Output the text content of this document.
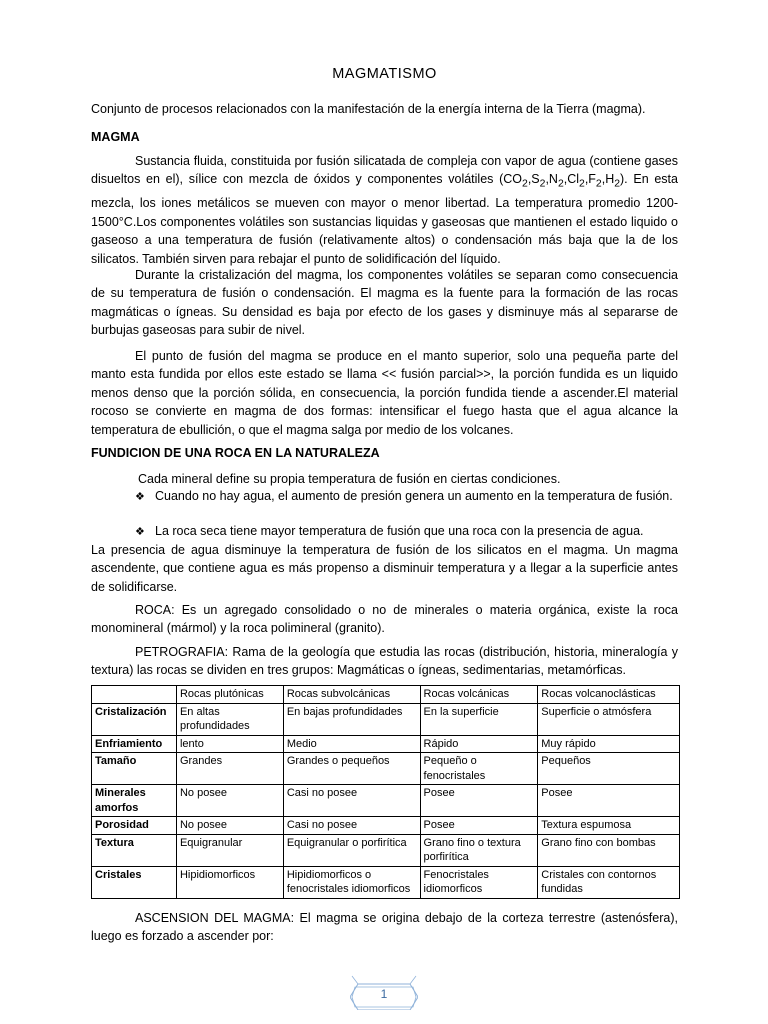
MAGMATISMO
Conjunto de procesos relacionados con la manifestación de la energía interna de la Tierra (magma).
MAGMA
Sustancia fluida, constituida por fusión silicatada de compleja con vapor de agua (contiene gases disueltos en el), sílice con mezcla de óxidos y componentes volátiles $(CO_2,S_2,N_2,Cl_2,F_2,H_2)$. En esta mezcla, los iones metálicos se mueven con mayor o menor libertad. La temperatura promedio 1200-1500°C.Los componentes volátiles son sustancias liquidas y gaseosas que mantienen el estado liquido o gaseoso a una temperatura de fusión (relativamente altos) o condensación más baja que la de los silicatos. También sirven para rebajar el punto de solidificación del líquido.
Durante la cristalización del magma, los componentes volátiles se separan como consecuencia de su temperatura de fusión o condensación. El magma es la fuente para la formación de las rocas magmáticas o ígneas. Su densidad es baja por efecto de los gases y disminuye más al separarse de burbujas gaseosas para subir de nivel.
El punto de fusión del magma se produce en el manto superior, solo una pequeña parte del manto esta fundida por ellos este estado se llama << fusión parcial>>, la porción fundida es un liquido menos denso que la porción sólida, en consecuencia, la porción fundida tiende a ascender.El material rocoso se convierte en magma de dos formas: intensificar el fuego hasta que el agua alcance la temperatura de ebullición, o que el magma salga por medio de los volcanes.
FUNDICION DE UNA ROCA EN LA NATURALEZA
Cada mineral define su propia temperatura de fusión en ciertas condiciones.
❖ Cuando no hay agua, el aumento de presión genera un aumento en la temperatura de fusión.
❖ La roca seca tiene mayor temperatura de fusión que una roca con la presencia de agua.
La presencia de agua disminuye la temperatura de fusión de los silicatos en el magma. Un magma ascendente, que contiene agua es más propenso a disminuir temperatura y a llegar a la superficie antes de solidificarse.
ROCA: Es un agregado consolidado o no de minerales o materia orgánica, existe la roca monomineral (mármol) y la roca polimineral (granito).
PETROGRAFIA: Rama de la geología que estudia las rocas (distribución, historia, mineralogía y textura) las rocas se dividen en tres grupos: Magmáticas o ígneas, sedimentarias, metamórficas.
	Rocas plutónicas	Rocas subvolcánicas	Rocas volcánicas	Rocas volcanoclásticas
Cristalización	En altas profundidades	En bajas profundidades	En la superficie	Superficie o atmósfera
Enfriamiento	lento	Medio	Rápido	Muy rápido
Tamaño	Grandes	Grandes o pequeños	Pequeño o fenocristales	Pequeños
Minerales amorfos	No posee	Casi no posee	Posee	Posee
Porosidad	No posee	Casi no posee	Posee	Textura espumosa
Textura	Equigranular	Equigranular o porfirítica	Grano fino o textura porfirítica	Grano fino con bombas
Cristales	Hipidiomorficos	Hipidiomorficos o fenocristales idiomorficos	Fenocristales idiomorficos	Cristales con contornos fundidas
ASCENSION DEL MAGMA: El magma se origina debajo de la corteza terrestre (astenósfera), luego es forzado a ascender por:
1
